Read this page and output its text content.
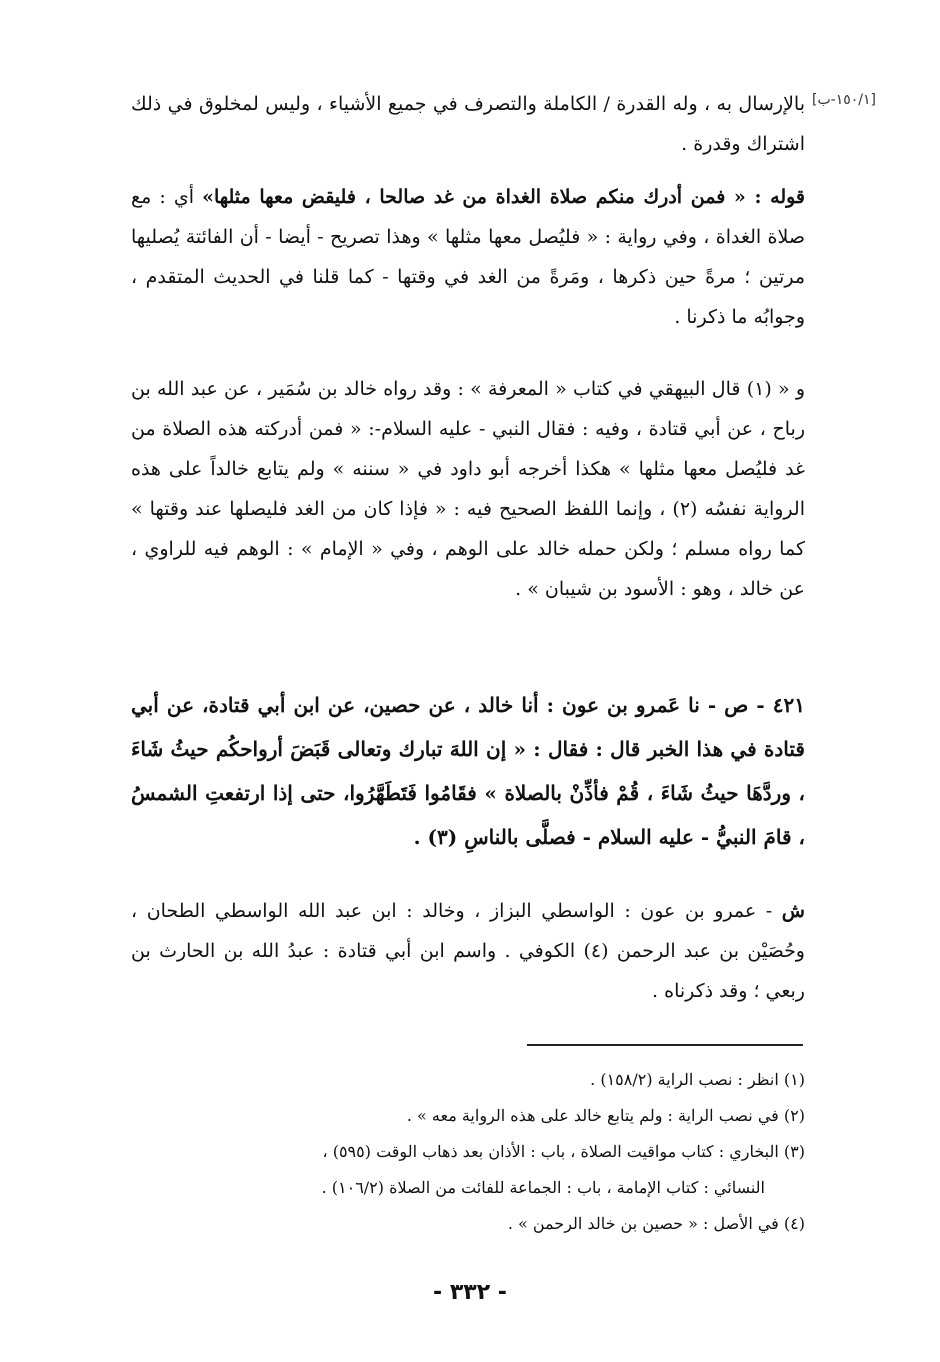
[١٥٠/١-ب]

بالإرسال به ، وله القدرة / الكاملة والتصرف في جميع الأشياء ، وليس لمخلوق في ذلك اشتراك وقدرة .

قوله : « فمن أدرك منكم صلاة الغداة من غد صالحا ، فليقض معها مثلها» أي : مع صلاة الغداة ، وفي رواية : « فليُصل معها مثلها » وهذا تصريح - أيضا - أن الفائتة يُصليها مرتين ؛ مرةً حين ذكرها ، ومَرةً من الغد في وقتها - كما قلنا في الحديث المتقدم ، وجوابُه ما ذكرنا .

و « (١) قال البيهقي في كتاب « المعرفة » : وقد رواه خالد بن سُمَير ، عن عبد الله بن رباح ، عن أبي قتادة ، وفيه : فقال النبي - عليه السلام-: « فمن أدركته هذه الصلاة من غد فليُصل معها مثلها » هكذا أخرجه أبو داود في « سننه » ولم يتابع خالداً على هذه الرواية نفسُه (٢) ، وإنما اللفظ الصحيح فيه : « فإذا كان من الغد فليصلها عند وقتها » كما رواه مسلم ؛ ولكن حمله خالد على الوهم ، وفي « الإمام » : الوهم فيه للراوي ، عن خالد ، وهو : الأسود بن شيبان » .

٤٢١ - ص - نا عَمرو بن عون : أنا خالد ، عن حصين، عن ابن أبي قتادة، عن أبي قتادة في هذا الخبر قال : فقال : « إن اللهَ تبارك وتعالى قَبَضَ أرواحكُم حيثُ شَاءَ ، وردَّهَا حيثُ شَاءَ ، قُمْ فأذِّنْ بالصلاة » فقَامُوا فَتَطَهَّرُوا، حتى إذا ارتفعتِ الشمسُ ، قامَ النبيُّ - عليه السلام - فصلَّى بالناسِ (٣) .

ش - عمرو بن عون : الواسطي البزاز ، وخالد : ابن عبد الله الواسطي الطحان ، وحُصَيْن بن عبد الرحمن (٤) الكوفي . واسم ابن أبي قتادة : عبدُ الله بن الحارث بن ربعي ؛ وقد ذكرناه .

(١) انظر : نصب الراية (١٥٨/٢) .

(٢) في نصب الراية : ولم يتابع خالد على هذه الرواية معه » .

(٣) البخاري : كتاب مواقيت الصلاة ، باب : الأذان بعد ذهاب الوقت (٥٩٥) ،

النسائي : كتاب الإمامة ، باب : الجماعة للفائت من الصلاة (١٠٦/٢) .

(٤) في الأصل : « حصين بن خالد الرحمن » .

- ٣٣٢ -
